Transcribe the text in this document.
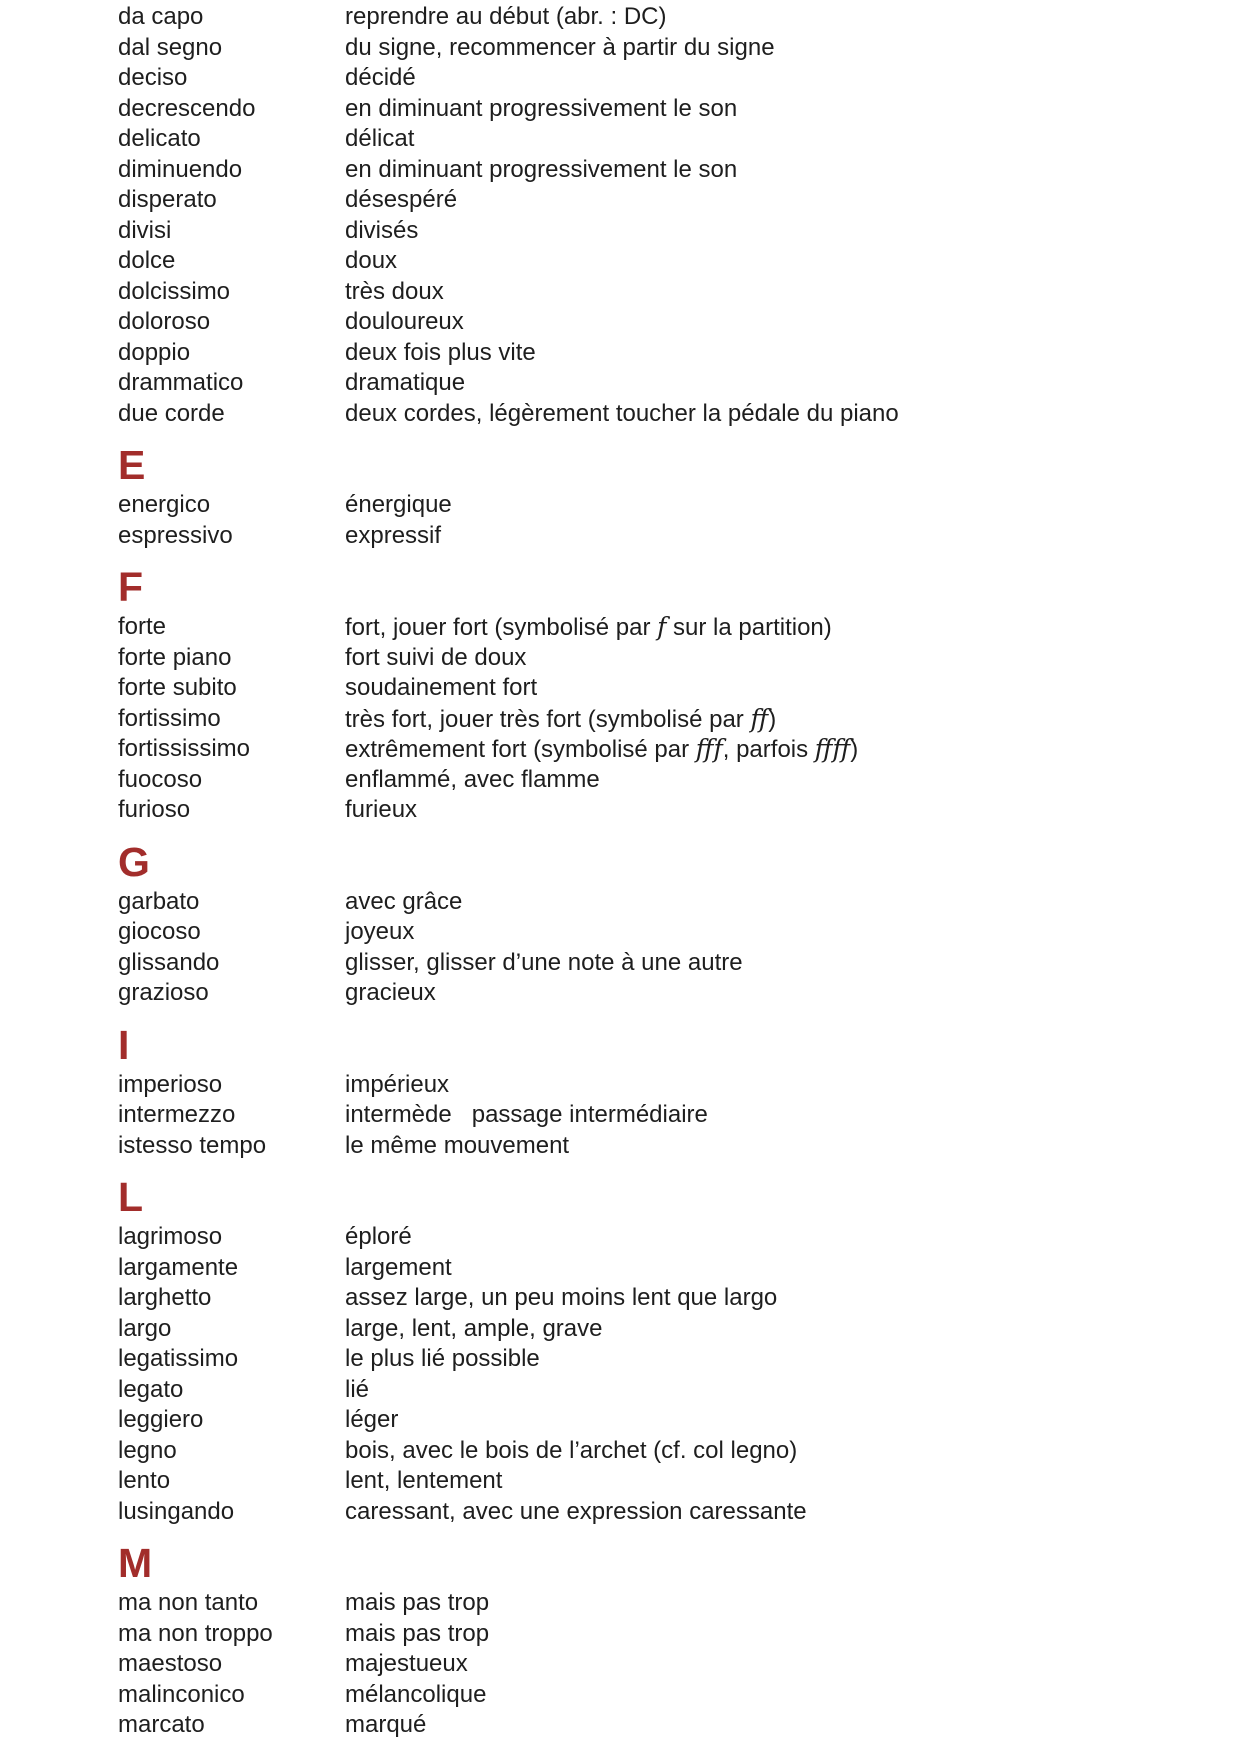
da capo	reprendre au début (abr. : DC)
dal segno	du signe, recommencer à partir du signe
deciso	décidé
decrescendo	en diminuant progressivement le son
delicato	délicat
diminuendo	en diminuant progressivement le son
disperato	désespéré
divisi	divisés
dolce	doux
dolcissimo	très doux
doloroso	douloureux
doppio	deux fois plus vite
drammatico	dramatique
due corde	deux cordes, légèrement toucher la pédale du piano
E
energico	énergique
espressivo	expressif
F
forte	fort, jouer fort (symbolisé par f sur la partition)
forte piano	fort suivi de doux
forte subito	soudainement fort
fortissimo	très fort, jouer très fort (symbolisé par ff)
fortississimo	extrêmement fort (symbolisé par fff, parfois ffff)
fuocoso	enflammé, avec flamme
furioso	furieux
G
garbato	avec grâce
giocoso	joyeux
glissando	glisser, glisser d’une note à une autre
grazioso	gracieux
I
imperioso	impérieux
intermezzo	intermède   passage intermédiaire
istesso tempo	le même mouvement
L
lagrimoso	éploré
largamente	largement
larghetto	assez large, un peu moins lent que largo
largo	large, lent, ample, grave
legatissimo	le plus lié possible
legato	lié
leggiero	léger
legno	bois, avec le bois de l’archet (cf. col legno)
lento	lent, lentement
lusingando	caressant, avec une expression caressante
M
ma non tanto	mais pas trop
ma non troppo	mais pas trop
maestoso	majestueux
malinconico	mélancolique
marcato	marqué
